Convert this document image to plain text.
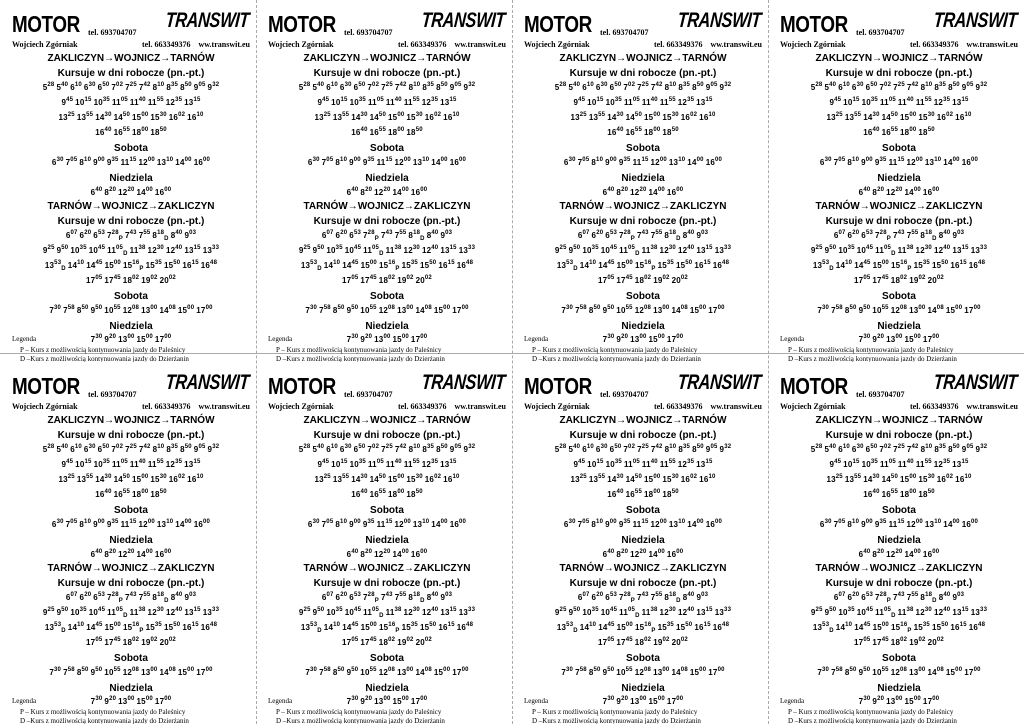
MOTOR tel. 693704707
TRANSWIT
Wojciech Zgórniak	tel. 663349376 ww.transwit.eu
ZAKLICZYN→WOJNICZ→TARNÓW
Kursuje w dni robocze (pn.-pt.)
$5^{28}$ $5^{40}$ $6^{10}$ $6^{30}$ $6^{50}$ $7^{02}$ $7^{25}$ $7^{42}$ $8^{10}$ $8^{35}$ $8^{50}$ $9^{05}$ $9^{32}$
$9^{45}$ $10^{15}$ $10^{35}$ $11^{05}$ $11^{40}$ $11^{55}$ $12^{35}$ $13^{15}$
$13^{25}$ $13^{55}$ $14^{30}$ $14^{50}$ $15^{00}$ $15^{30}$ $16^{02}$ $16^{10}$
$16^{40}$ $16^{55}$ $18^{00}$ $18^{50}$
Sobota
$6^{30}$ $7^{05}$ $8^{10}$ $9^{00}$ $9^{35}$ $11^{15}$ $12^{00}$ $13^{10}$ $14^{00}$ $16^{00}$
Niedziela
$6^{40}$ $8^{20}$ $12^{20}$ $14^{00}$ $16^{00}$
TARNÓW→WOJNICZ→ZAKLICZYN
Kursuje w dni robocze (pn.-pt.)
$6^{07}$ $6^{20}$ $6^{53}$ $7^{28}_P$ $7^{43}$ $7^{55}$ $8^{18}_D$ $8^{40}$ $9^{03}$
$9^{25}$ $9^{50}$ $10^{35}$ $10^{45}$ $11^{05}_D$ $11^{38}$ $12^{30}$ $12^{40}$ $13^{15}$ $13^{33}$
$13^{53}_D$ $14^{10}$ $14^{45}$ $15^{00}$ $15^{16}_P$ $15^{35}$ $15^{50}$ $16^{15}$ $16^{48}$
$17^{05}$ $17^{45}$ $18^{02}$ $19^{02}$ $20^{02}$
Sobota
$7^{30}$ $7^{58}$ $8^{50}$ $9^{50}$ $10^{55}$ $12^{08}$ $13^{00}$ $14^{08}$ $15^{00}$ $17^{00}$
Niedziela
Legenda	$7^{30}$ $9^{20}$ $13^{00}$ $15^{00}$ $17^{00}$
P – Kurs z możliwością kontynuowania jazdy do Paleśnicy
D –Kurs z możliwością kontynuowania jazdy do Dzierżanin
MOTOR tel. 693704707
TRANSWIT
Wojciech Zgórniak	tel. 663349376 ww.transwit.eu
ZAKLICZYN→WOJNICZ→TARNÓW
Kursuje w dni robocze (pn.-pt.)
$5^{28}$ $5^{40}$ $6^{10}$ $6^{30}$ $6^{50}$ $7^{02}$ $7^{25}$ $7^{42}$ $8^{10}$ $8^{35}$ $8^{50}$ $9^{05}$ $9^{32}$
$9^{45}$ $10^{15}$ $10^{35}$ $11^{05}$ $11^{40}$ $11^{55}$ $12^{35}$ $13^{15}$
$13^{25}$ $13^{55}$ $14^{30}$ $14^{50}$ $15^{00}$ $15^{30}$ $16^{02}$ $16^{10}$
$16^{40}$ $16^{55}$ $18^{00}$ $18^{50}$
Sobota
$6^{30}$ $7^{05}$ $8^{10}$ $9^{00}$ $9^{35}$ $11^{15}$ $12^{00}$ $13^{10}$ $14^{00}$ $16^{00}$
Niedziela
$6^{40}$ $8^{20}$ $12^{20}$ $14^{00}$ $16^{00}$
TARNÓW→WOJNICZ→ZAKLICZYN
Kursuje w dni robocze (pn.-pt.)
$6^{07}$ $6^{20}$ $6^{53}$ $7^{28}_P$ $7^{43}$ $7^{55}$ $8^{18}_D$ $8^{40}$ $9^{03}$
$9^{25}$ $9^{50}$ $10^{35}$ $10^{45}$ $11^{05}_D$ $11^{38}$ $12^{30}$ $12^{40}$ $13^{15}$ $13^{33}$
$13^{53}_D$ $14^{10}$ $14^{45}$ $15^{00}$ $15^{16}_P$ $15^{35}$ $15^{50}$ $16^{15}$ $16^{48}$
$17^{05}$ $17^{45}$ $18^{02}$ $19^{02}$ $20^{02}$
Sobota
$7^{30}$ $7^{58}$ $8^{50}$ $9^{50}$ $10^{55}$ $12^{08}$ $13^{00}$ $14^{08}$ $15^{00}$ $17^{00}$
Niedziela
Legenda	$7^{30}$ $9^{20}$ $13^{00}$ $15^{00}$ $17^{00}$
P – Kurs z możliwością kontynuowania jazdy do Paleśnicy
D –Kurs z możliwością kontynuowania jazdy do Dzierżanin
MOTOR tel. 693704707
TRANSWIT
Wojciech Zgórniak	tel. 663349376 ww.transwit.eu
ZAKLICZYN→WOJNICZ→TARNÓW
Kursuje w dni robocze (pn.-pt.)
$5^{28}$ $5^{40}$ $6^{10}$ $6^{30}$ $6^{50}$ $7^{02}$ $7^{25}$ $7^{42}$ $8^{10}$ $8^{35}$ $8^{50}$ $9^{05}$ $9^{32}$
$9^{45}$ $10^{15}$ $10^{35}$ $11^{05}$ $11^{40}$ $11^{55}$ $12^{35}$ $13^{15}$
$13^{25}$ $13^{55}$ $14^{30}$ $14^{50}$ $15^{00}$ $15^{30}$ $16^{02}$ $16^{10}$
$16^{40}$ $16^{55}$ $18^{00}$ $18^{50}$
Sobota
$6^{30}$ $7^{05}$ $8^{10}$ $9^{00}$ $9^{35}$ $11^{15}$ $12^{00}$ $13^{10}$ $14^{00}$ $16^{00}$
Niedziela
$6^{40}$ $8^{20}$ $12^{20}$ $14^{00}$ $16^{00}$
TARNÓW→WOJNICZ→ZAKLICZYN
Kursuje w dni robocze (pn.-pt.)
$6^{07}$ $6^{20}$ $6^{53}$ $7^{28}_P$ $7^{43}$ $7^{55}$ $8^{18}_D$ $8^{40}$ $9^{03}$
$9^{25}$ $9^{50}$ $10^{35}$ $10^{45}$ $11^{05}_D$ $11^{38}$ $12^{30}$ $12^{40}$ $13^{15}$ $13^{33}$
$13^{53}_D$ $14^{10}$ $14^{45}$ $15^{00}$ $15^{16}_P$ $15^{35}$ $15^{50}$ $16^{15}$ $16^{48}$
$17^{05}$ $17^{45}$ $18^{02}$ $19^{02}$ $20^{02}$
Sobota
$7^{30}$ $7^{58}$ $8^{50}$ $9^{50}$ $10^{55}$ $12^{08}$ $13^{00}$ $14^{08}$ $15^{00}$ $17^{00}$
Niedziela
Legenda	$7^{30}$ $9^{20}$ $13^{00}$ $15^{00}$ $17^{00}$
P – Kurs z możliwością kontynuowania jazdy do Paleśnicy
D –Kurs z możliwością kontynuowania jazdy do Dzierżanin
MOTOR tel. 693704707
TRANSWIT
Wojciech Zgórniak	tel. 663349376 ww.transwit.eu
ZAKLICZYN→WOJNICZ→TARNÓW
Kursuje w dni robocze (pn.-pt.)
$5^{28}$ $5^{40}$ $6^{10}$ $6^{30}$ $6^{50}$ $7^{02}$ $7^{25}$ $7^{42}$ $8^{10}$ $8^{35}$ $8^{50}$ $9^{05}$ $9^{32}$
$9^{45}$ $10^{15}$ $10^{35}$ $11^{05}$ $11^{40}$ $11^{55}$ $12^{35}$ $13^{15}$
$13^{25}$ $13^{55}$ $14^{30}$ $14^{50}$ $15^{00}$ $15^{30}$ $16^{02}$ $16^{10}$
$16^{40}$ $16^{55}$ $18^{00}$ $18^{50}$
Sobota
$6^{30}$ $7^{05}$ $8^{10}$ $9^{00}$ $9^{35}$ $11^{15}$ $12^{00}$ $13^{10}$ $14^{00}$ $16^{00}$
Niedziela
$6^{40}$ $8^{20}$ $12^{20}$ $14^{00}$ $16^{00}$
TARNÓW→WOJNICZ→ZAKLICZYN
Kursuje w dni robocze (pn.-pt.)
$6^{07}$ $6^{20}$ $6^{53}$ $7^{28}_P$ $7^{43}$ $7^{55}$ $8^{18}_D$ $8^{40}$ $9^{03}$
$9^{25}$ $9^{50}$ $10^{35}$ $10^{45}$ $11^{05}_D$ $11^{38}$ $12^{30}$ $12^{40}$ $13^{15}$ $13^{33}$
$13^{53}_D$ $14^{10}$ $14^{45}$ $15^{00}$ $15^{16}_P$ $15^{35}$ $15^{50}$ $16^{15}$ $16^{48}$
$17^{05}$ $17^{45}$ $18^{02}$ $19^{02}$ $20^{02}$
Sobota
$7^{30}$ $7^{58}$ $8^{50}$ $9^{50}$ $10^{55}$ $12^{08}$ $13^{00}$ $14^{08}$ $15^{00}$ $17^{00}$
Niedziela
Legenda	$7^{30}$ $9^{20}$ $13^{00}$ $15^{00}$ $17^{00}$
P – Kurs z możliwością kontynuowania jazdy do Paleśnicy
D –Kurs z możliwością kontynuowania jazdy do Dzierżanin
MOTOR tel. 693704707
TRANSWIT
Wojciech Zgórniak	tel. 663349376 ww.transwit.eu
ZAKLICZYN→WOJNICZ→TARNÓW
Kursuje w dni robocze (pn.-pt.)
$5^{28}$ $5^{40}$ $6^{10}$ $6^{30}$ $6^{50}$ $7^{02}$ $7^{25}$ $7^{42}$ $8^{10}$ $8^{35}$ $8^{50}$ $9^{05}$ $9^{32}$
$9^{45}$ $10^{15}$ $10^{35}$ $11^{05}$ $11^{40}$ $11^{55}$ $12^{35}$ $13^{15}$
$13^{25}$ $13^{55}$ $14^{30}$ $14^{50}$ $15^{00}$ $15^{30}$ $16^{02}$ $16^{10}$
$16^{40}$ $16^{55}$ $18^{00}$ $18^{50}$
Sobota
$6^{30}$ $7^{05}$ $8^{10}$ $9^{00}$ $9^{35}$ $11^{15}$ $12^{00}$ $13^{10}$ $14^{00}$ $16^{00}$
Niedziela
$6^{40}$ $8^{20}$ $12^{20}$ $14^{00}$ $16^{00}$
TARNÓW→WOJNICZ→ZAKLICZYN
Kursuje w dni robocze (pn.-pt.)
$6^{07}$ $6^{20}$ $6^{53}$ $7^{28}_P$ $7^{43}$ $7^{55}$ $8^{18}_D$ $8^{40}$ $9^{03}$
$9^{25}$ $9^{50}$ $10^{35}$ $10^{45}$ $11^{05}_D$ $11^{38}$ $12^{30}$ $12^{40}$ $13^{15}$ $13^{33}$
$13^{53}_D$ $14^{10}$ $14^{45}$ $15^{00}$ $15^{16}_P$ $15^{35}$ $15^{50}$ $16^{15}$ $16^{48}$
$17^{05}$ $17^{45}$ $18^{02}$ $19^{02}$ $20^{02}$
Sobota
$7^{30}$ $7^{58}$ $8^{50}$ $9^{50}$ $10^{55}$ $12^{08}$ $13^{00}$ $14^{08}$ $15^{00}$ $17^{00}$
Niedziela
Legenda	$7^{30}$ $9^{20}$ $13^{00}$ $15^{00}$ $17^{00}$
P – Kurs z możliwością kontynuowania jazdy do Paleśnicy
D –Kurs z możliwością kontynuowania jazdy do Dzierżanin
MOTOR tel. 693704707
TRANSWIT
Wojciech Zgórniak	tel. 663349376 ww.transwit.eu
ZAKLICZYN→WOJNICZ→TARNÓW
Kursuje w dni robocze (pn.-pt.)
$5^{28}$ $5^{40}$ $6^{10}$ $6^{30}$ $6^{50}$ $7^{02}$ $7^{25}$ $7^{42}$ $8^{10}$ $8^{35}$ $8^{50}$ $9^{05}$ $9^{32}$
$9^{45}$ $10^{15}$ $10^{35}$ $11^{05}$ $11^{40}$ $11^{55}$ $12^{35}$ $13^{15}$
$13^{25}$ $13^{55}$ $14^{30}$ $14^{50}$ $15^{00}$ $15^{30}$ $16^{02}$ $16^{10}$
$16^{40}$ $16^{55}$ $18^{00}$ $18^{50}$
Sobota
$6^{30}$ $7^{05}$ $8^{10}$ $9^{00}$ $9^{35}$ $11^{15}$ $12^{00}$ $13^{10}$ $14^{00}$ $16^{00}$
Niedziela
$6^{40}$ $8^{20}$ $12^{20}$ $14^{00}$ $16^{00}$
TARNÓW→WOJNICZ→ZAKLICZYN
Kursuje w dni robocze (pn.-pt.)
$6^{07}$ $6^{20}$ $6^{53}$ $7^{28}_P$ $7^{43}$ $7^{55}$ $8^{18}_D$ $8^{40}$ $9^{03}$
$9^{25}$ $9^{50}$ $10^{35}$ $10^{45}$ $11^{05}_D$ $11^{38}$ $12^{30}$ $12^{40}$ $13^{15}$ $13^{33}$
$13^{53}_D$ $14^{10}$ $14^{45}$ $15^{00}$ $15^{16}_P$ $15^{35}$ $15^{50}$ $16^{15}$ $16^{48}$
$17^{05}$ $17^{45}$ $18^{02}$ $19^{02}$ $20^{02}$
Sobota
$7^{30}$ $7^{58}$ $8^{50}$ $9^{50}$ $10^{55}$ $12^{08}$ $13^{00}$ $14^{08}$ $15^{00}$ $17^{00}$
Niedziela
Legenda	$7^{30}$ $9^{20}$ $13^{00}$ $15^{00}$ $17^{00}$
P – Kurs z możliwością kontynuowania jazdy do Paleśnicy
D –Kurs z możliwością kontynuowania jazdy do Dzierżanin
MOTOR tel. 693704707
TRANSWIT
Wojciech Zgórniak	tel. 663349376 ww.transwit.eu
ZAKLICZYN→WOJNICZ→TARNÓW
Kursuje w dni robocze (pn.-pt.)
$5^{28}$ $5^{40}$ $6^{10}$ $6^{30}$ $6^{50}$ $7^{02}$ $7^{25}$ $7^{42}$ $8^{10}$ $8^{35}$ $8^{50}$ $9^{05}$ $9^{32}$
$9^{45}$ $10^{15}$ $10^{35}$ $11^{05}$ $11^{40}$ $11^{55}$ $12^{35}$ $13^{15}$
$13^{25}$ $13^{55}$ $14^{30}$ $14^{50}$ $15^{00}$ $15^{30}$ $16^{02}$ $16^{10}$
$16^{40}$ $16^{55}$ $18^{00}$ $18^{50}$
Sobota
$6^{30}$ $7^{05}$ $8^{10}$ $9^{00}$ $9^{35}$ $11^{15}$ $12^{00}$ $13^{10}$ $14^{00}$ $16^{00}$
Niedziela
$6^{40}$ $8^{20}$ $12^{20}$ $14^{00}$ $16^{00}$
TARNÓW→WOJNICZ→ZAKLICZYN
Kursuje w dni robocze (pn.-pt.)
$6^{07}$ $6^{20}$ $6^{53}$ $7^{28}_P$ $7^{43}$ $7^{55}$ $8^{18}_D$ $8^{40}$ $9^{03}$
$9^{25}$ $9^{50}$ $10^{35}$ $10^{45}$ $11^{05}_D$ $11^{38}$ $12^{30}$ $12^{40}$ $13^{15}$ $13^{33}$
$13^{53}_D$ $14^{10}$ $14^{45}$ $15^{00}$ $15^{16}_P$ $15^{35}$ $15^{50}$ $16^{15}$ $16^{48}$
$17^{05}$ $17^{45}$ $18^{02}$ $19^{02}$ $20^{02}$
Sobota
$7^{30}$ $7^{58}$ $8^{50}$ $9^{50}$ $10^{55}$ $12^{08}$ $13^{00}$ $14^{08}$ $15^{00}$ $17^{00}$
Niedziela
Legenda	$7^{30}$ $9^{20}$ $13^{00}$ $15^{00}$ $17^{00}$
P – Kurs z możliwością kontynuowania jazdy do Paleśnicy
D –Kurs z możliwością kontynuowania jazdy do Dzierżanin
MOTOR tel. 693704707
TRANSWIT
Wojciech Zgórniak	tel. 663349376 ww.transwit.eu
ZAKLICZYN→WOJNICZ→TARNÓW
Kursuje w dni robocze (pn.-pt.)
$5^{28}$ $5^{40}$ $6^{10}$ $6^{30}$ $6^{50}$ $7^{02}$ $7^{25}$ $7^{42}$ $8^{10}$ $8^{35}$ $8^{50}$ $9^{05}$ $9^{32}$
$9^{45}$ $10^{15}$ $10^{35}$ $11^{05}$ $11^{40}$ $11^{55}$ $12^{35}$ $13^{15}$
$13^{25}$ $13^{55}$ $14^{30}$ $14^{50}$ $15^{00}$ $15^{30}$ $16^{02}$ $16^{10}$
$16^{40}$ $16^{55}$ $18^{00}$ $18^{50}$
Sobota
$6^{30}$ $7^{05}$ $8^{10}$ $9^{00}$ $9^{35}$ $11^{15}$ $12^{00}$ $13^{10}$ $14^{00}$ $16^{00}$
Niedziela
$6^{40}$ $8^{20}$ $12^{20}$ $14^{00}$ $16^{00}$
TARNÓW→WOJNICZ→ZAKLICZYN
Kursuje w dni robocze (pn.-pt.)
$6^{07}$ $6^{20}$ $6^{53}$ $7^{28}_P$ $7^{43}$ $7^{55}$ $8^{18}_D$ $8^{40}$ $9^{03}$
$9^{25}$ $9^{50}$ $10^{35}$ $10^{45}$ $11^{05}_D$ $11^{38}$ $12^{30}$ $12^{40}$ $13^{15}$ $13^{33}$
$13^{53}_D$ $14^{10}$ $14^{45}$ $15^{00}$ $15^{16}_P$ $15^{35}$ $15^{50}$ $16^{15}$ $16^{48}$
$17^{05}$ $17^{45}$ $18^{02}$ $19^{02}$ $20^{02}$
Sobota
$7^{30}$ $7^{58}$ $8^{50}$ $9^{50}$ $10^{55}$ $12^{08}$ $13^{00}$ $14^{08}$ $15^{00}$ $17^{00}$
Niedziela
Legenda	$7^{30}$ $9^{20}$ $13^{00}$ $15^{00}$ $17^{00}$
P – Kurs z możliwością kontynuowania jazdy do Paleśnicy
D –Kurs z możliwością kontynuowania jazdy do Dzierżanin
